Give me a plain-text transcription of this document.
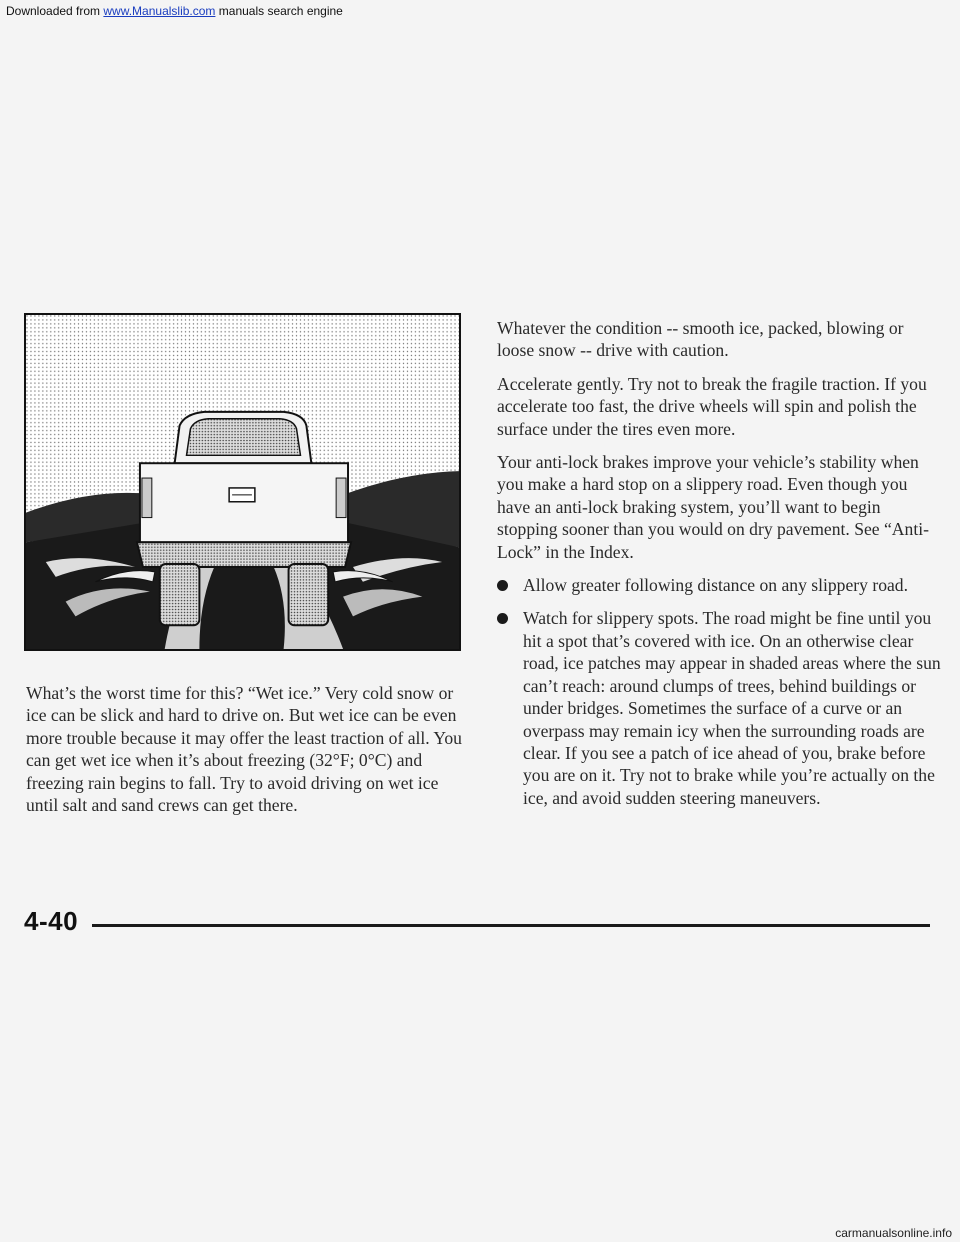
Downloaded from www.Manualslib.com manuals search engine

What’s the worst time for this? “Wet ice.” Very cold snow or ice can be slick and hard to drive on. But wet ice can be even more trouble because it may offer the least traction of all. You can get wet ice when it’s about freezing (32°F; 0°C) and freezing rain begins to fall. Try to avoid driving on wet ice until salt and sand crews can get there.

Whatever the condition -- smooth ice, packed, blowing or loose snow -- drive with caution.

Accelerate gently. Try not to break the fragile traction. If you accelerate too fast, the drive wheels will spin and polish the surface under the tires even more.

Your anti-lock brakes improve your vehicle’s stability when you make a hard stop on a slippery road. Even though you have an anti-lock braking system, you’ll want to begin stopping sooner than you would on dry pavement. See “Anti-Lock” in the Index.

Allow greater following distance on any slippery road.
Watch for slippery spots. The road might be fine until you hit a spot that’s covered with ice. On an otherwise clear road, ice patches may appear in shaded areas where the sun can’t reach: around clumps of trees, behind buildings or under bridges. Sometimes the surface of a curve or an overpass may remain icy when the surrounding roads are clear. If you see a patch of ice ahead of you, brake before you are on it. Try not to brake while you’re actually on the ice, and avoid sudden steering maneuvers.
4-40
carmanualsonline.info
